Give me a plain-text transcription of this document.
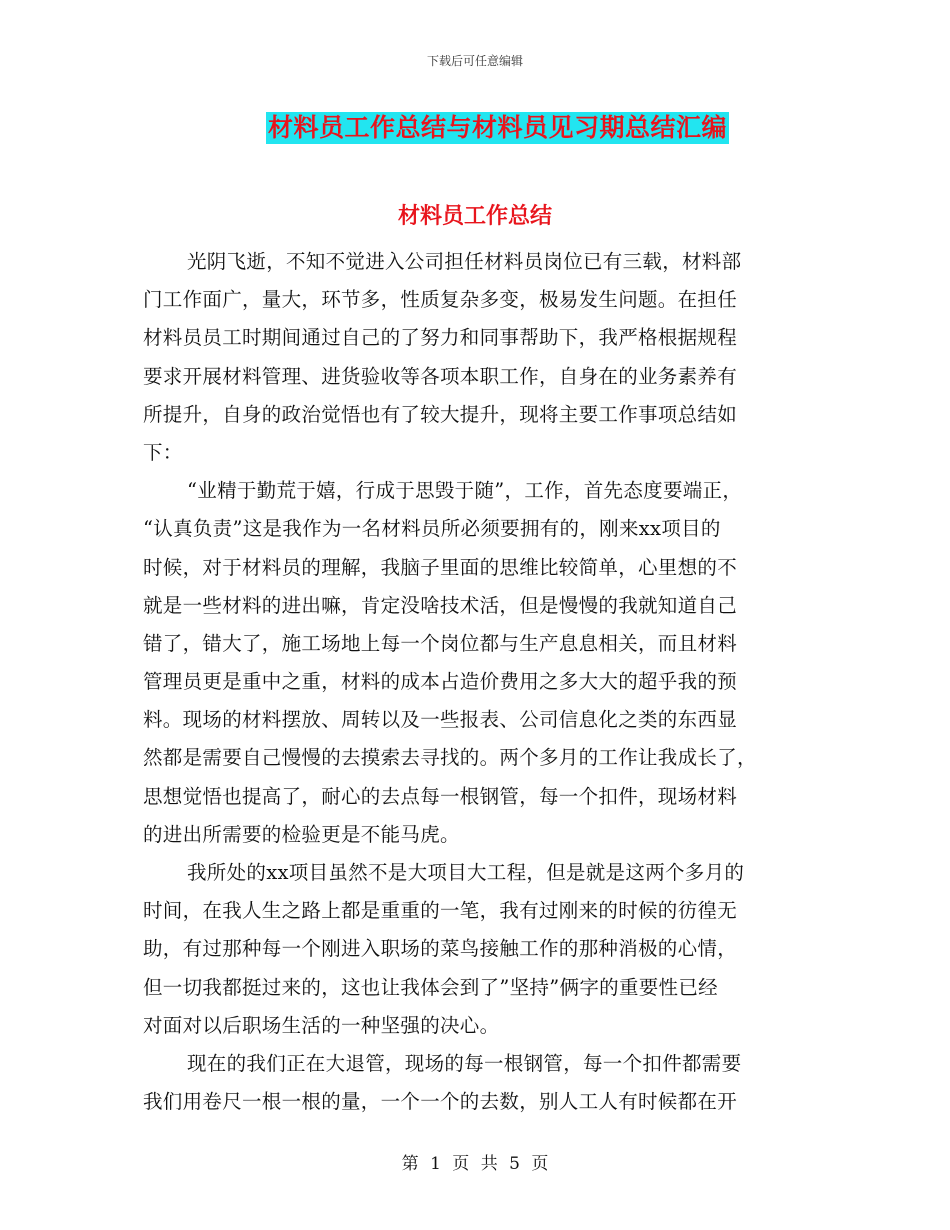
下载后可任意编辑
材料员工作总结与材料员见习期总结汇编
材料员工作总结
光阴飞逝，不知不觉进入公司担任材料员岗位已有三载，材料部
门工作面广，量大，环节多，性质复杂多变，极易发生问题。在担任
材料员员工时期间通过自己的了努力和同事帮助下，我严格根据规程
要求开展材料管理、进货验收等各项本职工作，自身在的业务素养有
所提升，自身的政治觉悟也有了较大提升，现将主要工作事项总结如
下：
“业精于勤荒于嬉，行成于思毁于随”，工作，首先态度要端正，
“认真负责”这是我作为一名材料员所必须要拥有的，刚来xx项目的
时候，对于材料员的理解，我脑子里面的思维比较简单，心里想的不
就是一些材料的进出嘛，肯定没啥技术活，但是慢慢的我就知道自己
错了，错大了，施工场地上每一个岗位都与生产息息相关，而且材料
管理员更是重中之重，材料的成本占造价费用之多大大的超乎我的预
料。现场的材料摆放、周转以及一些报表、公司信息化之类的东西显
然都是需要自己慢慢的去摸索去寻找的。两个多月的工作让我成长了，
思想觉悟也提高了，耐心的去点每一根钢管，每一个扣件，现场材料
的进出所需要的检验更是不能马虎。
我所处的xx项目虽然不是大项目大工程，但是就是这两个多月的
时间，在我人生之路上都是重重的一笔，我有过刚来的时候的彷徨无
助，有过那种每一个刚进入职场的菜鸟接触工作的那种消极的心情，
但一切我都挺过来的，这也让我体会到了”坚持”俩字的重要性已经
对面对以后职场生活的一种坚强的决心。
现在的我们正在大退管，现场的每一根钢管，每一个扣件都需要
我们用卷尺一根一根的量，一个一个的去数，别人工人有时候都在开
第 1 页 共 5 页
